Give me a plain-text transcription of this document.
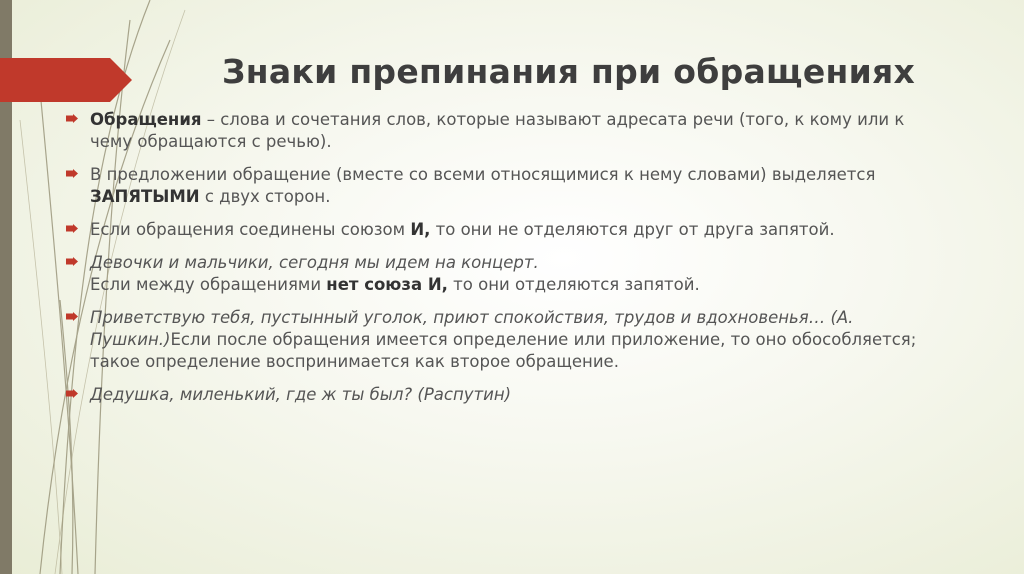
Знаки препинания при обращениях
Обращения – слова и сочетания слов, которые называют адресата речи (того, к кому или к чему обращаются с речью).
В предложении обращение (вместе со всеми относящимися к нему словами) выделяется ЗАПЯТЫМИ с двух сторон.
Если обращения соединены союзом И, то они не отделяются друг от друга запятой.
Девочки и мальчики, сегодня мы идем на концерт.
Если между обращениями нет союза И, то они отделяются запятой.
Приветствую тебя, пустынный уголок, приют спокойствия, трудов и вдохновенья… (А. Пушкин.)Если после обращения имеется определение или приложение, то оно обособляется; такое определение воспринимается как второе обращение.
Дедушка, миленький, где ж ты был? (Распутин)
